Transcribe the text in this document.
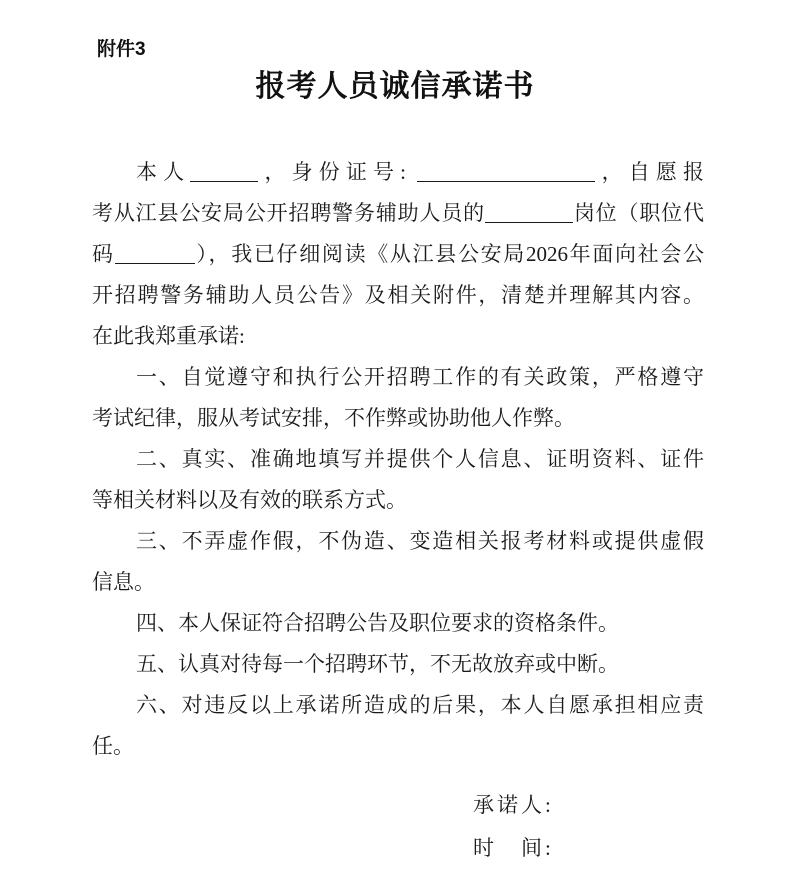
附件3
报考人员诚信承诺书
本人	，身份证号:	，自愿报
考从江县公安局公开招聘警务辅助人员的	岗位（职位代
码	），我已仔细阅读《从江县公安局2026年面向社会公
开招聘警务辅助人员公告》及相关附件，清楚并理解其内容。
在此我郑重承诺:
一、自觉遵守和执行公开招聘工作的有关政策，严格遵守
考试纪律，服从考试安排，不作弊或协助他人作弊。
二、真实、准确地填写并提供个人信息、证明资料、证件
等相关材料以及有效的联系方式。
三、不弄虚作假，不伪造、变造相关报考材料或提供虚假
信息。
四、本人保证符合招聘公告及职位要求的资格条件。
五、认真对待每一个招聘环节，不无故放弃或中断。
六、对违反以上承诺所造成的后果，本人自愿承担相应责
任。
承诺人:
时　间:
